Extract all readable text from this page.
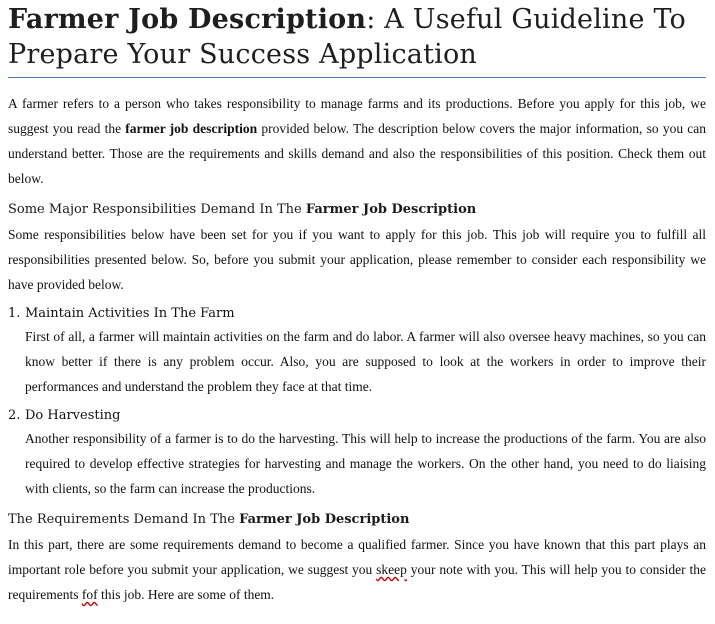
Farmer Job Description: A Useful Guideline To Prepare Your Success Application

A farmer refers to a person who takes responsibility to manage farms and its productions. Before you apply for this job, we suggest you read the farmer job description provided below. The description below covers the major information, so you can understand better. Those are the requirements and skills demand and also the responsibilities of this position. Check them out below.

Some Major Responsibilities Demand In The Farmer Job Description

Some responsibilities below have been set for you if you want to apply for this job. This job will require you to fulfill all responsibilities presented below. So, before you submit your application, please remember to consider each responsibility we have provided below.

1. Maintain Activities In The Farm

First of all, a farmer will maintain activities on the farm and do labor. A farmer will also oversee heavy machines, so you can know better if there is any problem occur. Also, you are supposed to look at the workers in order to improve their performances and understand the problem they face at that time.

2. Do Harvesting

Another responsibility of a farmer is to do the harvesting. This will help to increase the productions of the farm. You are also required to develop effective strategies for harvesting and manage the workers. On the other hand, you need to do liaising with clients, so the farm can increase the productions.

The Requirements Demand In The Farmer Job Description

In this part, there are some requirements demand to become a qualified farmer. Since you have known that this part plays an important role before you submit your application, we suggest you skeep your note with you. This will help you to consider the requirements fof this job. Here are some of them.
